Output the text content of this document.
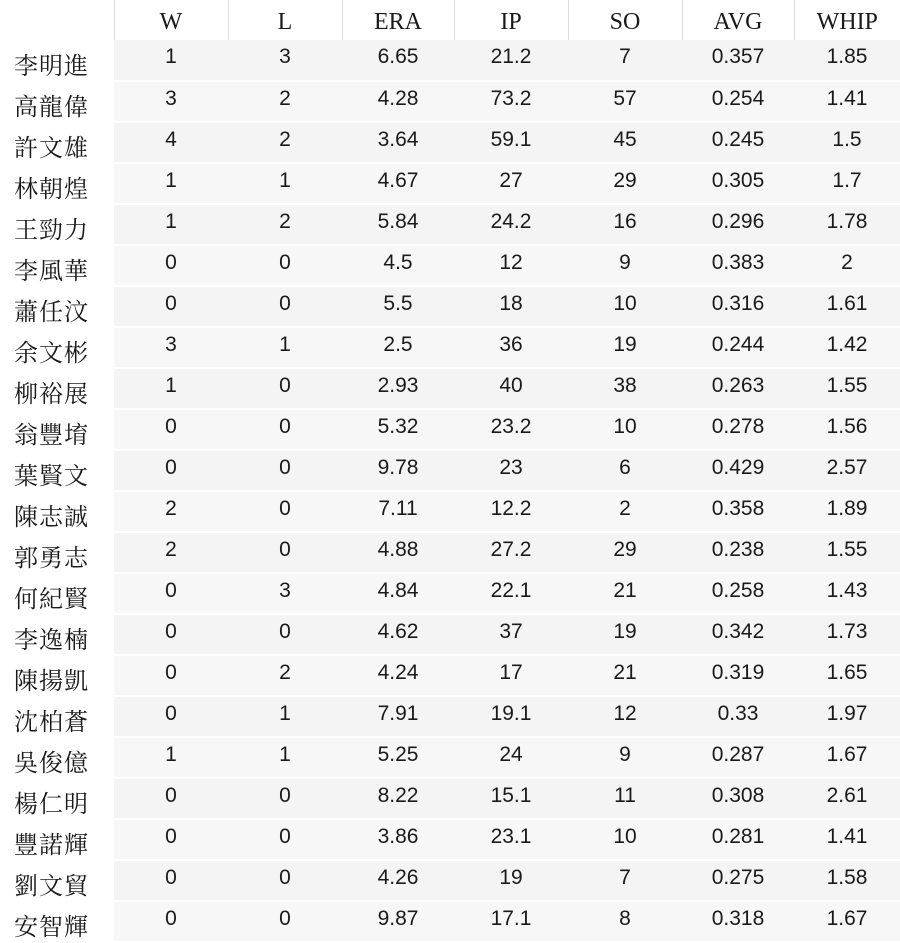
	W	L	ERA	IP	SO	AVG	WHIP
李明進	1	3	6.65	21.2	7	0.357	1.85
高龍偉	3	2	4.28	73.2	57	0.254	1.41
許文雄	4	2	3.64	59.1	45	0.245	1.5
林朝煌	1	1	4.67	27	29	0.305	1.7
王勁力	1	2	5.84	24.2	16	0.296	1.78
李風華	0	0	4.5	12	9	0.383	2
蕭任汶	0	0	5.5	18	10	0.316	1.61
余文彬	3	1	2.5	36	19	0.244	1.42
柳裕展	1	0	2.93	40	38	0.263	1.55
翁豐堉	0	0	5.32	23.2	10	0.278	1.56
葉賢文	0	0	9.78	23	6	0.429	2.57
陳志誠	2	0	7.11	12.2	2	0.358	1.89
郭勇志	2	0	4.88	27.2	29	0.238	1.55
何紀賢	0	3	4.84	22.1	21	0.258	1.43
李逸楠	0	0	4.62	37	19	0.342	1.73
陳揚凱	0	2	4.24	17	21	0.319	1.65
沈柏蒼	0	1	7.91	19.1	12	0.33	1.97
吳俊億	1	1	5.25	24	9	0.287	1.67
楊仁明	0	0	8.22	15.1	11	0.308	2.61
豐諾輝	0	0	3.86	23.1	10	0.281	1.41
劉文貿	0	0	4.26	19	7	0.275	1.58
安智輝	0	0	9.87	17.1	8	0.318	1.67
